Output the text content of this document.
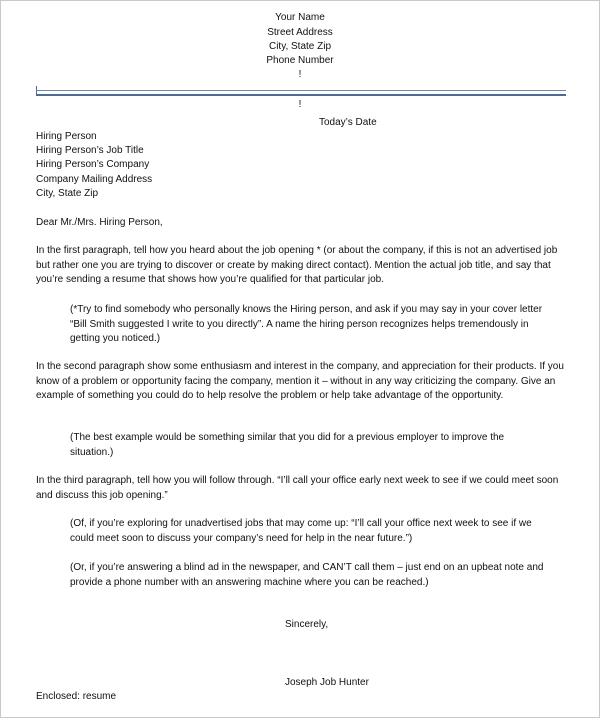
Your Name
Street Address
City, State Zip
Phone Number
!
!
Today’s Date
Hiring Person
Hiring Person’s Job Title
Hiring Person’s Company
Company Mailing Address
City, State Zip
Dear Mr./Mrs. Hiring Person,
In the first paragraph, tell how you heard about the job opening * (or about the company, if this is not an advertised job but rather one you are trying to discover or create by making direct contact). Mention the actual job title, and say that you’re sending a resume that shows how you’re qualified for that particular job.
(*Try to find somebody who personally knows the Hiring person, and ask if you may say in your cover letter “Bill Smith suggested I write to you directly”. A name the hiring person recognizes helps tremendously in getting you noticed.)
In the second paragraph show some enthusiasm and interest in the company, and appreciation for their products. If you know of a problem or opportunity facing the company, mention it – without in any way criticizing the company. Give an example of something you could do to help resolve the problem or help take advantage of the opportunity.
(The best example would be something similar that you did for a previous employer to improve the situation.)
In the third paragraph, tell how you will follow through. “I’ll call your office early next week to see if we could meet soon and discuss this job opening.”
(Of, if you’re exploring for unadvertised jobs that may come up: “I’ll call your office next week to see if we could meet soon to discuss your company’s need for help in the near future.”)
(Or, if you’re answering a blind ad in the newspaper, and CAN’T call them – just end on an upbeat note and provide a phone number with an answering machine where you can be reached.)
Sincerely,
Joseph Job Hunter
Enclosed: resume
